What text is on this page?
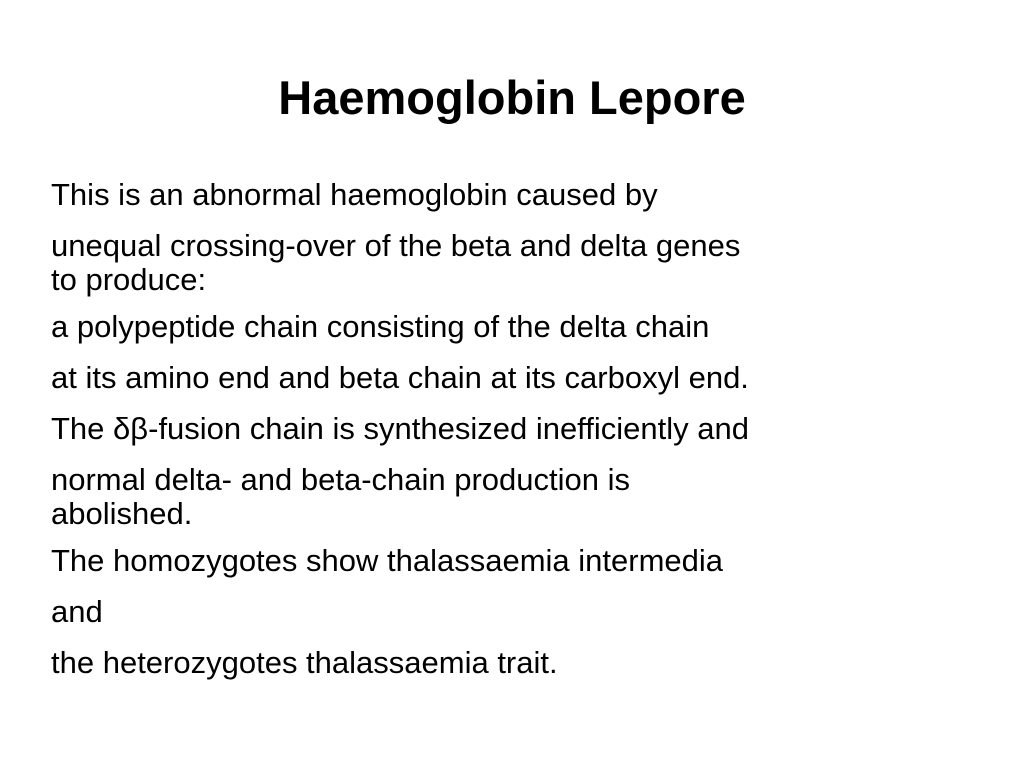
Haemoglobin Lepore
This is an abnormal haemoglobin caused by
unequal crossing-over of the beta and delta genes
to produce:
a polypeptide chain consisting of the delta chain
at its amino end and beta chain at its carboxyl end.
The δβ-fusion chain is synthesized inefficiently and
normal delta- and beta-chain production is
abolished.
The homozygotes show thalassaemia intermedia
and
the heterozygotes thalassaemia trait.
